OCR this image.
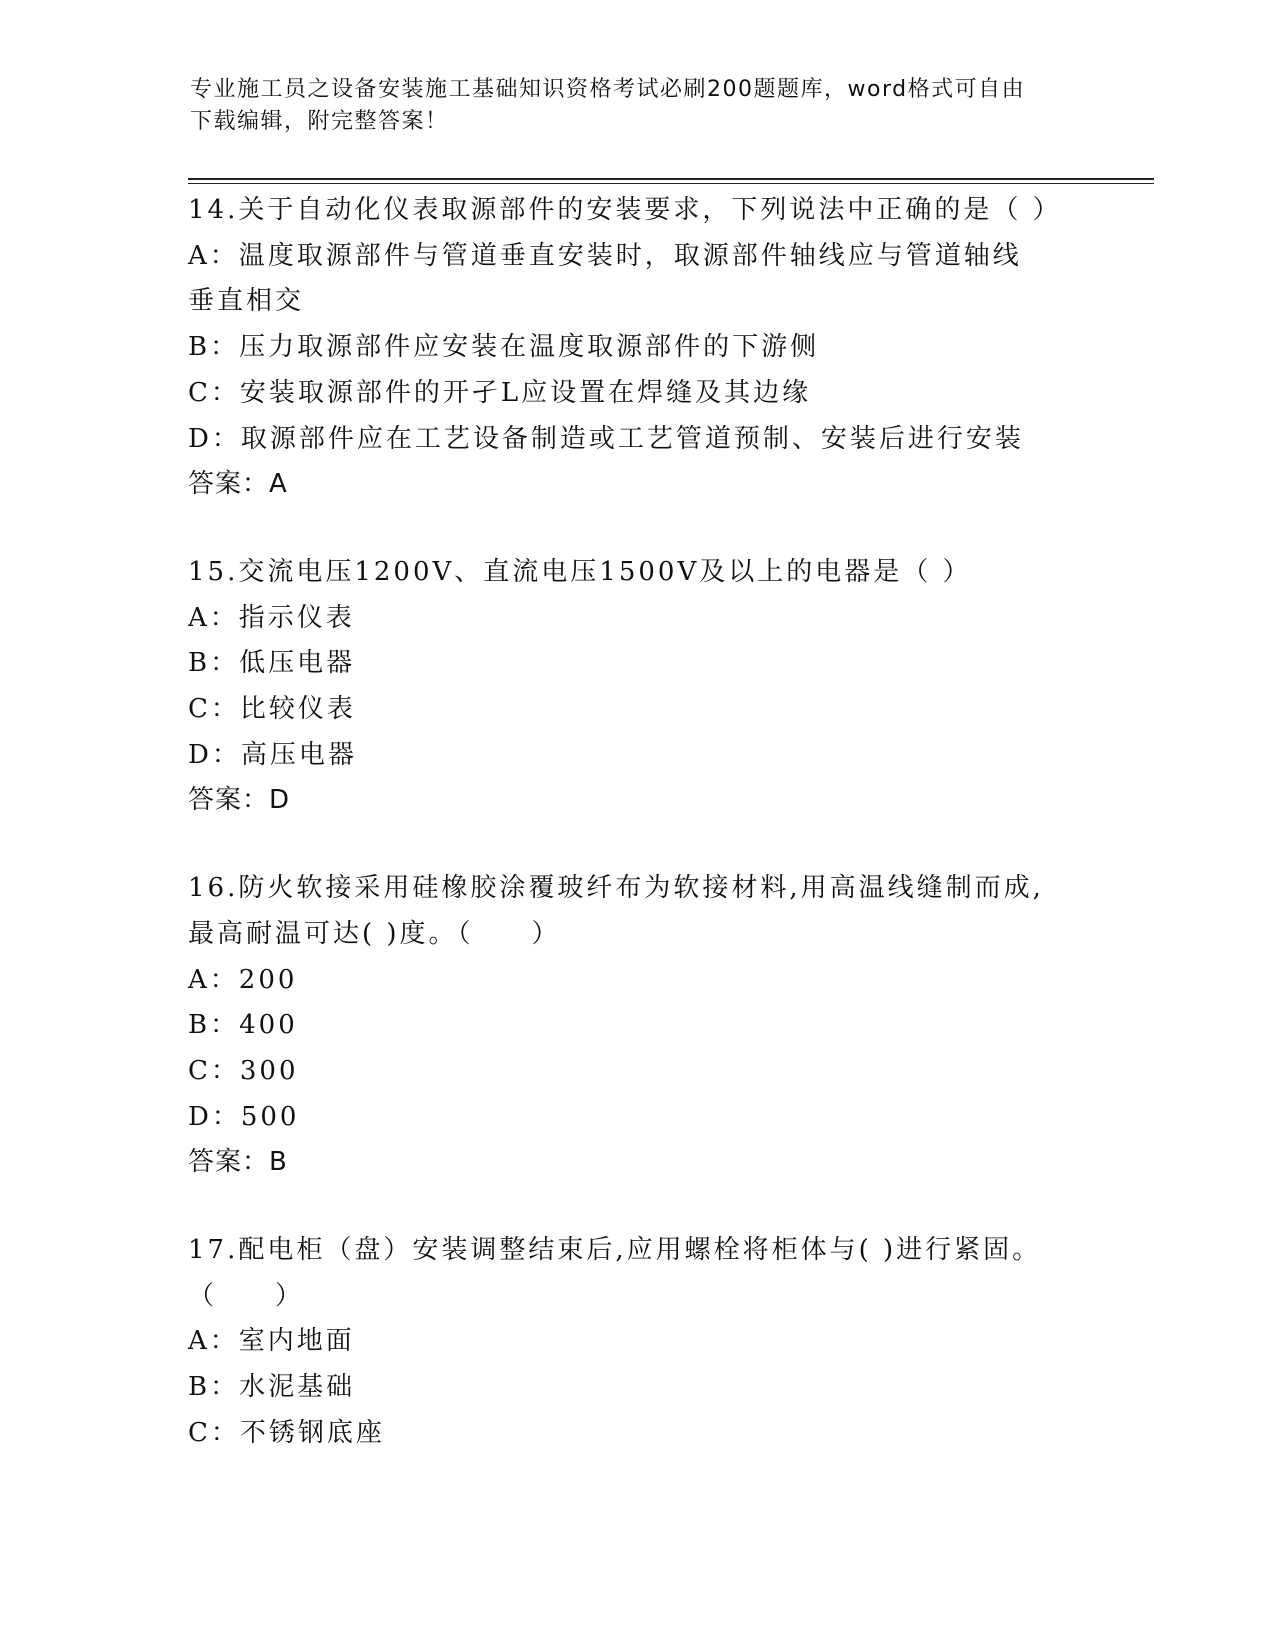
专业施工员之设备安装施工基础知识资格考试必刷200题题库，word格式可自由
下载编辑，附完整答案！
14.关于自动化仪表取源部件的安装要求，下列说法中正确的是（ ）
A：温度取源部件与管道垂直安装时，取源部件轴线应与管道轴线垂直相交
B：压力取源部件应安装在温度取源部件的下游侧
C：安装取源部件的开孑L应设置在焊缝及其边缘
D：取源部件应在工艺设备制造或工艺管道预制、安装后进行安装
答案：A
15.交流电压1200V、直流电压1500V及以上的电器是（ ）
A：指示仪表
B：低压电器
C：比较仪表
D：高压电器
答案：D
16.防火软接采用硅橡胶涂覆玻纤布为软接材料,用高温线缝制而成,最高耐温可达( )度。（　　）
A：200
B：400
C：300
D：500
答案：B
17.配电柜（盘）安装调整结束后,应用螺栓将柜体与( )进行紧固。（　　）
A：室内地面
B：水泥基础
C：不锈钢底座
